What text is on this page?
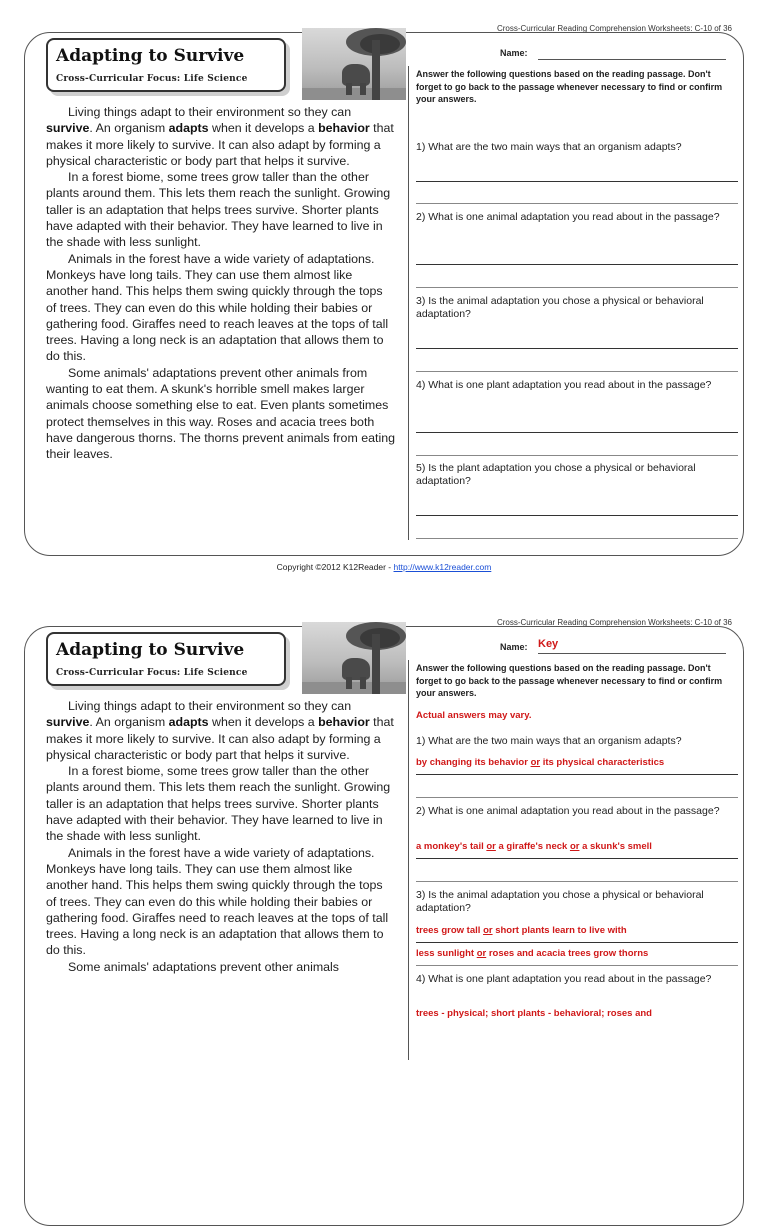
Cross-Curricular Reading Comprehension Worksheets: C-10 of 36
Adapting to Survive
Cross-Curricular Focus: Life Science

Living things adapt to their environment so they can survive. An organism adapts when it develops a behavior that makes it more likely to survive. It can also adapt by forming a physical characteristic or body part that helps it survive.

In a forest biome, some trees grow taller than the other plants around them. This lets them reach the sunlight. Growing taller is an adaptation that helps trees survive. Shorter plants have adapted with their behavior. They have learned to live in the shade with less sunlight.

Animals in the forest have a wide variety of adaptations. Monkeys have long tails. They can use them almost like another hand. This helps them swing quickly through the tops of trees. They can even do this while holding their babies or gathering food. Giraffes need to reach leaves at the tops of tall trees. Having a long neck is an adaptation that allows them to do this.

Some animals' adaptations prevent other animals from wanting to eat them. A skunk's horrible smell makes larger animals choose something else to eat. Even plants sometimes protect themselves in this way. Roses and acacia trees both have dangerous thorns. The thorns prevent animals from eating their leaves.

Name:
Answer the following questions based on the reading passage. Don't forget to go back to the passage whenever necessary to find or confirm your answers.
1) What are the two main ways that an organism adapts?
2) What is one animal adaptation you read about in the passage?
3) Is the animal adaptation you chose a physical or behavioral adaptation?
4) What is one plant adaptation you read about in the passage?
5) Is the plant adaptation you chose a physical or behavioral adaptation?
Copyright ©2012 K12Reader - http://www.k12reader.com
Cross-Curricular Reading Comprehension Worksheets: C-10 of 36
Adapting to Survive
Cross-Curricular Focus: Life Science

Living things adapt to their environment so they can survive. An organism adapts when it develops a behavior that makes it more likely to survive. It can also adapt by forming a physical characteristic or body part that helps it survive.

In a forest biome, some trees grow taller than the other plants around them. This lets them reach the sunlight. Growing taller is an adaptation that helps trees survive. Shorter plants have adapted with their behavior. They have learned to live in the shade with less sunlight.

Animals in the forest have a wide variety of adaptations. Monkeys have long tails. They can use them almost like another hand. This helps them swing quickly through the tops of trees. They can even do this while holding their babies or gathering food. Giraffes need to reach leaves at the tops of tall trees. Having a long neck is an adaptation that allows them to do this.

Some animals' adaptations prevent other animals

Name: Key
Answer the following questions based on the reading passage. Don't forget to go back to the passage whenever necessary to find or confirm your answers.
Actual answers may vary.
1) What are the two main ways that an organism adapts?
by changing its behavior or its physical characteristics
2) What is one animal adaptation you read about in the passage?
a monkey's tail or a giraffe's neck or a skunk's smell
3) Is the animal adaptation you chose a physical or behavioral adaptation?
trees grow tall or short plants learn to live with
less sunlight or roses and acacia trees grow thorns
4) What is one plant adaptation you read about in the passage?
trees - physical; short plants - behavioral; roses and
